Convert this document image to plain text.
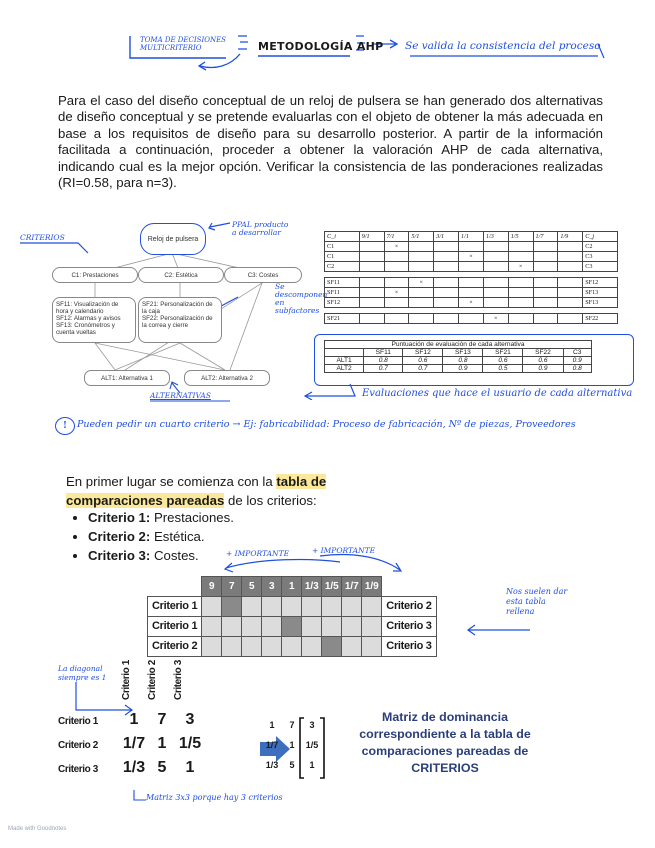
TOMA DE DECISIONES MULTICRITERIO	METODOLOGÍA AHP Se valida la consistencia del proceso
Para el caso del diseño conceptual de un reloj de pulsera se han generado dos alternativas de diseño conceptual y se pretende evaluarlas con el objeto de obtener la más adecuada en base a los requisitos de diseño para su desarrollo posterior. A partir de la información facilitada a continuación, proceder a obtener la valoración AHP de cada alternativa, indicando cual es la mejor opción. Verificar la consistencia de las ponderaciones realizadas (RI=0.58, para n=3).
Reloj de pulsera
C1: Prestaciones	C2: Estética	C3: Costes
SF11: Visualización de hora y calendario
SF12: Alarmas y avisos
SF13: Cronómetros y cuenta vueltas
SF21: Personalización de la caja
SF22: Personalización de la correa y cierre
ALT1: Alternativa 1	ALT2: Alternativa 2
CRITERIOS
PPAL producto a desarrollar
Se descomponen en subfactores
ALTERNATIVAS
C_i	9/1	7/1	5/1	3/1	1/1	1/3	1/5	1/7	1/9	C_j
C1		×								C2
C1					×					C3
C2							×			C3

SF11			×							SF12
SF11		×								SF13
SF12					×					SF13

SF21						×				SF22
Puntuación de evaluación de cada alternativa						
	SF11	SF12	SF13	SF21	SF22	C3
ALT1	0.8	0.6	0.8	0.6	0.6	0.9
ALT2	0.7	0.7	0.9	0.5	0.9	0.8
Evaluaciones que hace el usuario de cada alternativa
!	Pueden pedir un cuarto criterio → Ej: fabricabilidad: Proceso de fabricación, Nº de piezas, Proveedores
En primer lugar se comienza con la tabla de
comparaciones pareadas de los criterios:
• Criterio 1: Prestaciones.
• Criterio 2: Estética.
• Criterio 3: Costes.	+ IMPORTANTE	+ IMPORTANTE
	9	7	5	3	1	1/3	1/5	1/7	1/9	
Criterio 1										Criterio 2
Criterio 1										Criterio 3
Criterio 2										Criterio 3
Nos suelen dar esta tabla rellena
La diagonal siempre es 1	Criterio 1 Criterio 2 Criterio 3
Criterio 1 1 7 3
Criterio 2 1/7 1 1/5
Criterio 3 1/3 5 1
1	7	3
1/7	1	1/5
1/3	5	1
Matriz de dominancia correspondiente a la tabla de comparaciones pareadas de CRITERIOS
Matriz 3x3 porque hay 3 criterios
Made with Goodnotes
